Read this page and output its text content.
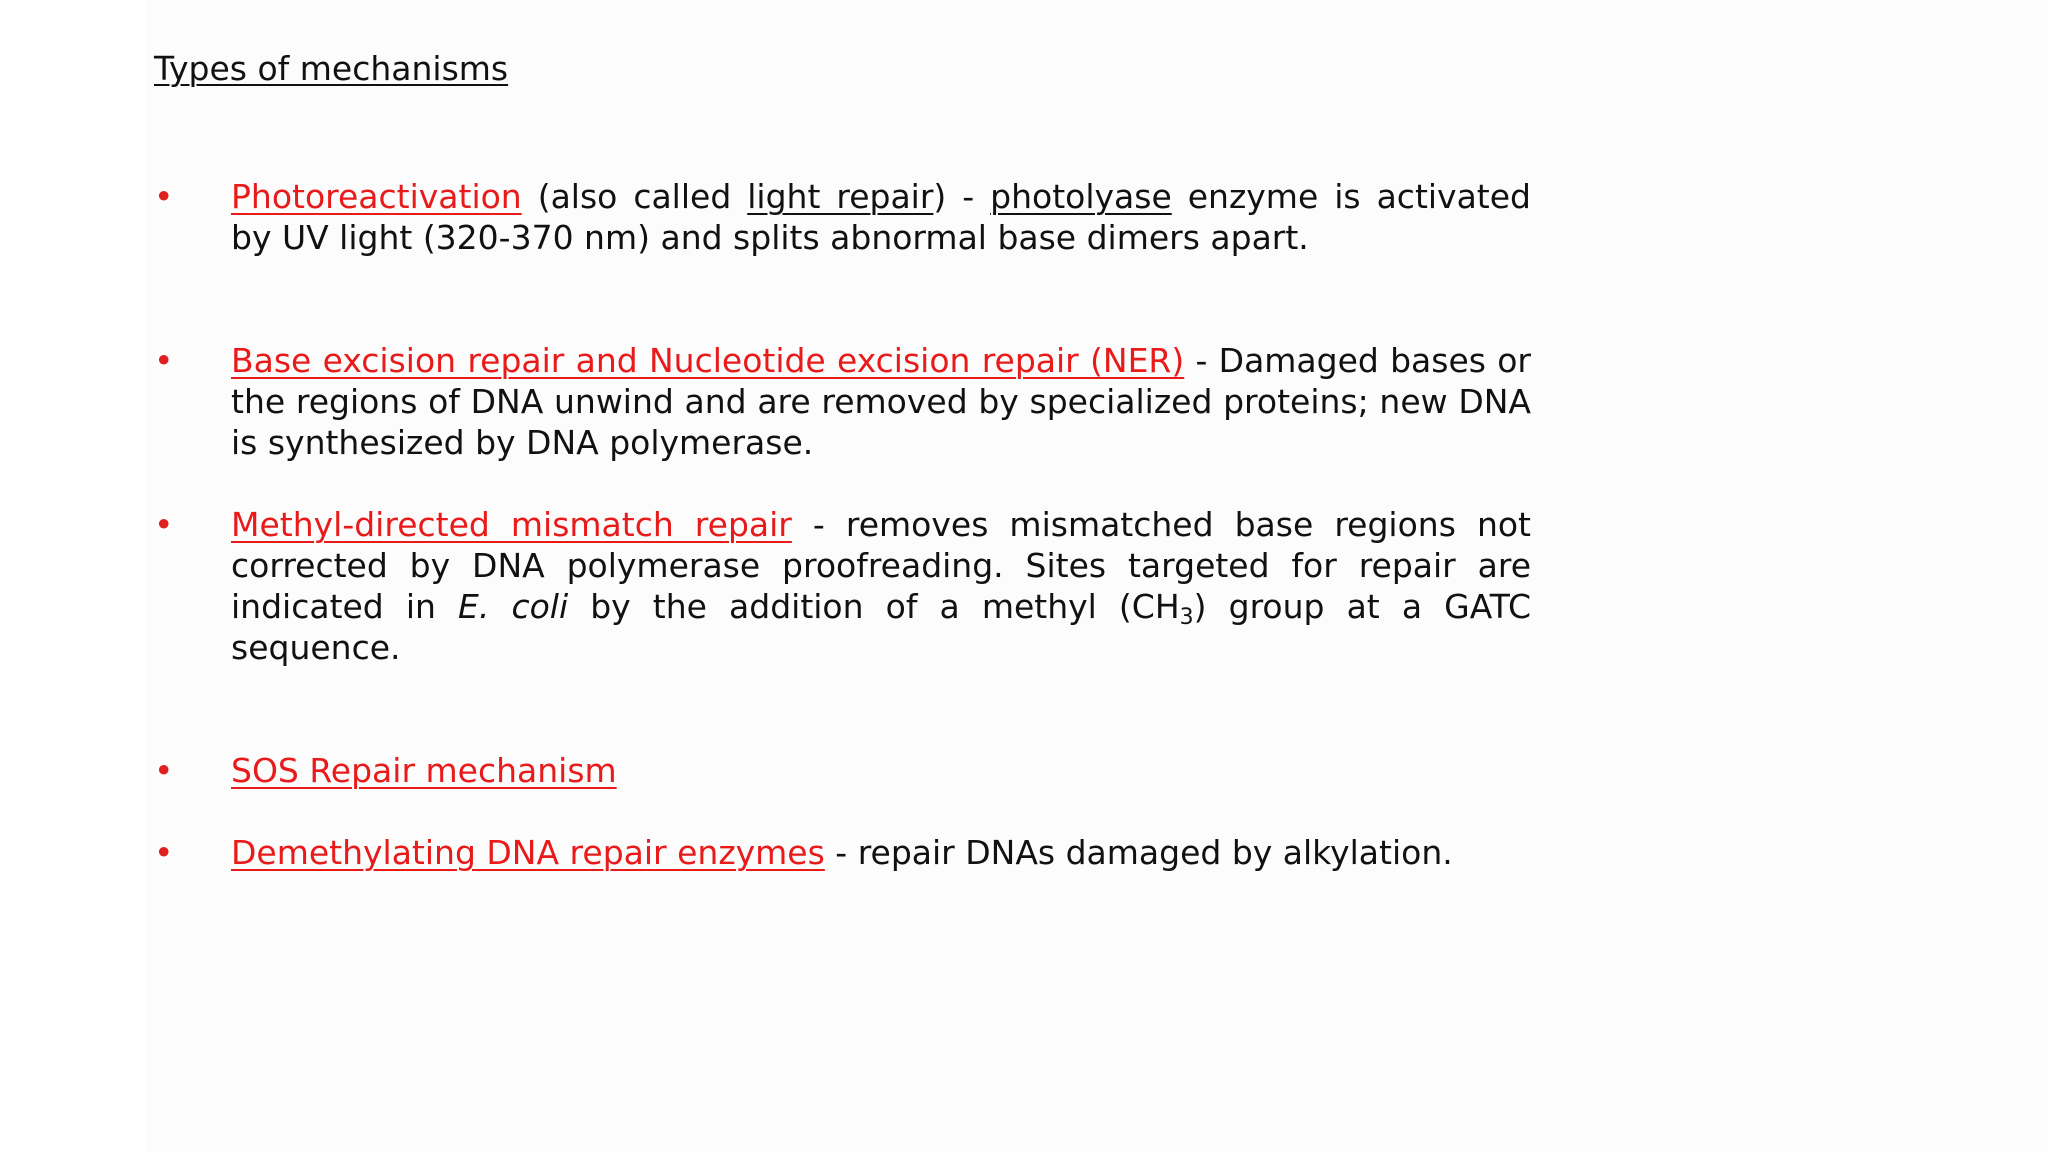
Types of mechanisms
• Photoreactivation (also called light repair) - photolyase enzyme is activated by UV light (320-370 nm) and splits abnormal base dimers apart.

• Base excision repair and Nucleotide excision repair (NER) - Damaged bases or the regions of DNA unwind and are removed by specialized proteins; new DNA is synthesized by DNA polymerase.

• Methyl-directed mismatch repair - removes mismatched base regions not corrected by DNA polymerase proofreading. Sites targeted for repair are indicated in E. coli by the addition of a methyl $(CH_3)$ group at a GATC sequence.

• SOS Repair mechanism

• Demethylating DNA repair enzymes - repair DNAs damaged by alkylation.
